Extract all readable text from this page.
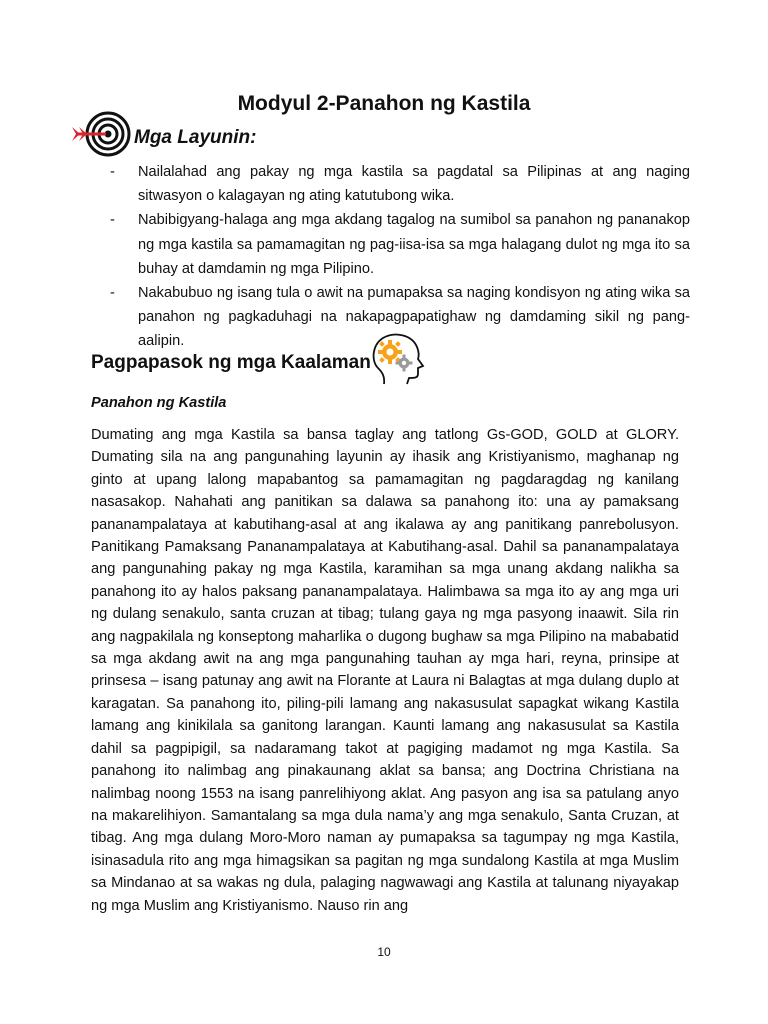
Modyul 2-Panahon ng Kastila
Mga Layunin:
- Nailalahad ang pakay ng mga kastila sa pagdatal sa Pilipinas at ang naging sitwasyon o kalagayan ng ating katutubong wika.
- Nabibigyang-halaga ang mga akdang tagalog na sumibol sa panahon ng pananakop ng mga kastila sa pamamagitan ng pag-iisa-isa sa mga halagang dulot ng mga ito sa buhay at damdamin ng mga Pilipino.
- Nakabubuo ng isang tula o awit na pumapaksa sa naging kondisyon ng ating wika sa panahon ng pagkaduhagi na nakapagpapatighaw ng damdaming sikil ng pang-aalipin.
Pagpapasok ng mga Kaalaman
Panahon ng Kastila

Dumating ang mga Kastila sa bansa taglay ang tatlong Gs-GOD, GOLD at GLORY. Dumating sila na ang pangunahing layunin ay ihasik ang Kristiyanismo, maghanap ng ginto at upang lalong mapabantog sa pamamagitan ng pagdaragdag ng kanilang nasasakop. Nahahati ang panitikan sa dalawa sa panahong ito: una ay pamaksang pananampalataya at kabutihang-asal at ang ikalawa ay ang panitikang panrebolusyon. Panitikang Pamaksang Pananampalataya at Kabutihang-asal. Dahil sa pananampalataya ang pangunahing pakay ng mga Kastila, karamihan sa mga unang akdang nalikha sa panahong ito ay halos paksang pananampalataya. Halimbawa sa mga ito ay ang mga uri ng dulang senakulo, santa cruzan at tibag; tulang gaya ng mga pasyong inaawit. Sila rin ang nagpakilala ng konseptong maharlika o dugong bughaw sa mga Pilipino na mababatid sa mga akdang awit na ang mga pangunahing tauhan ay mga hari, reyna, prinsipe at prinsesa – isang patunay ang awit na Florante at Laura ni Balagtas at mga dulang duplo at karagatan. Sa panahong ito, piling-pili lamang ang nakasusulat sapagkat wikang Kastila lamang ang kinikilala sa ganitong larangan. Kaunti lamang ang nakasusulat sa Kastila dahil sa pagpipigil, sa nadaramang takot at pagiging madamot ng mga Kastila. Sa panahong ito nalimbag ang pinakaunang aklat sa bansa; ang Doctrina Christiana na nalimbag noong 1553 na isang panrelihiyong aklat. Ang pasyon ang isa sa patulang anyo na makarelihiyon. Samantalang sa mga dula nama’y ang mga senakulo, Santa Cruzan, at tibag. Ang mga dulang Moro-Moro naman ay pumapaksa sa tagumpay ng mga Kastila, isinasadula rito ang mga himagsikan sa pagitan ng mga sundalong Kastila at mga Muslim sa Mindanao at sa wakas ng dula, palaging nagwawagi ang Kastila at talunang niyayakap ng mga Muslim ang Kristiyanismo. Nauso rin ang

10
